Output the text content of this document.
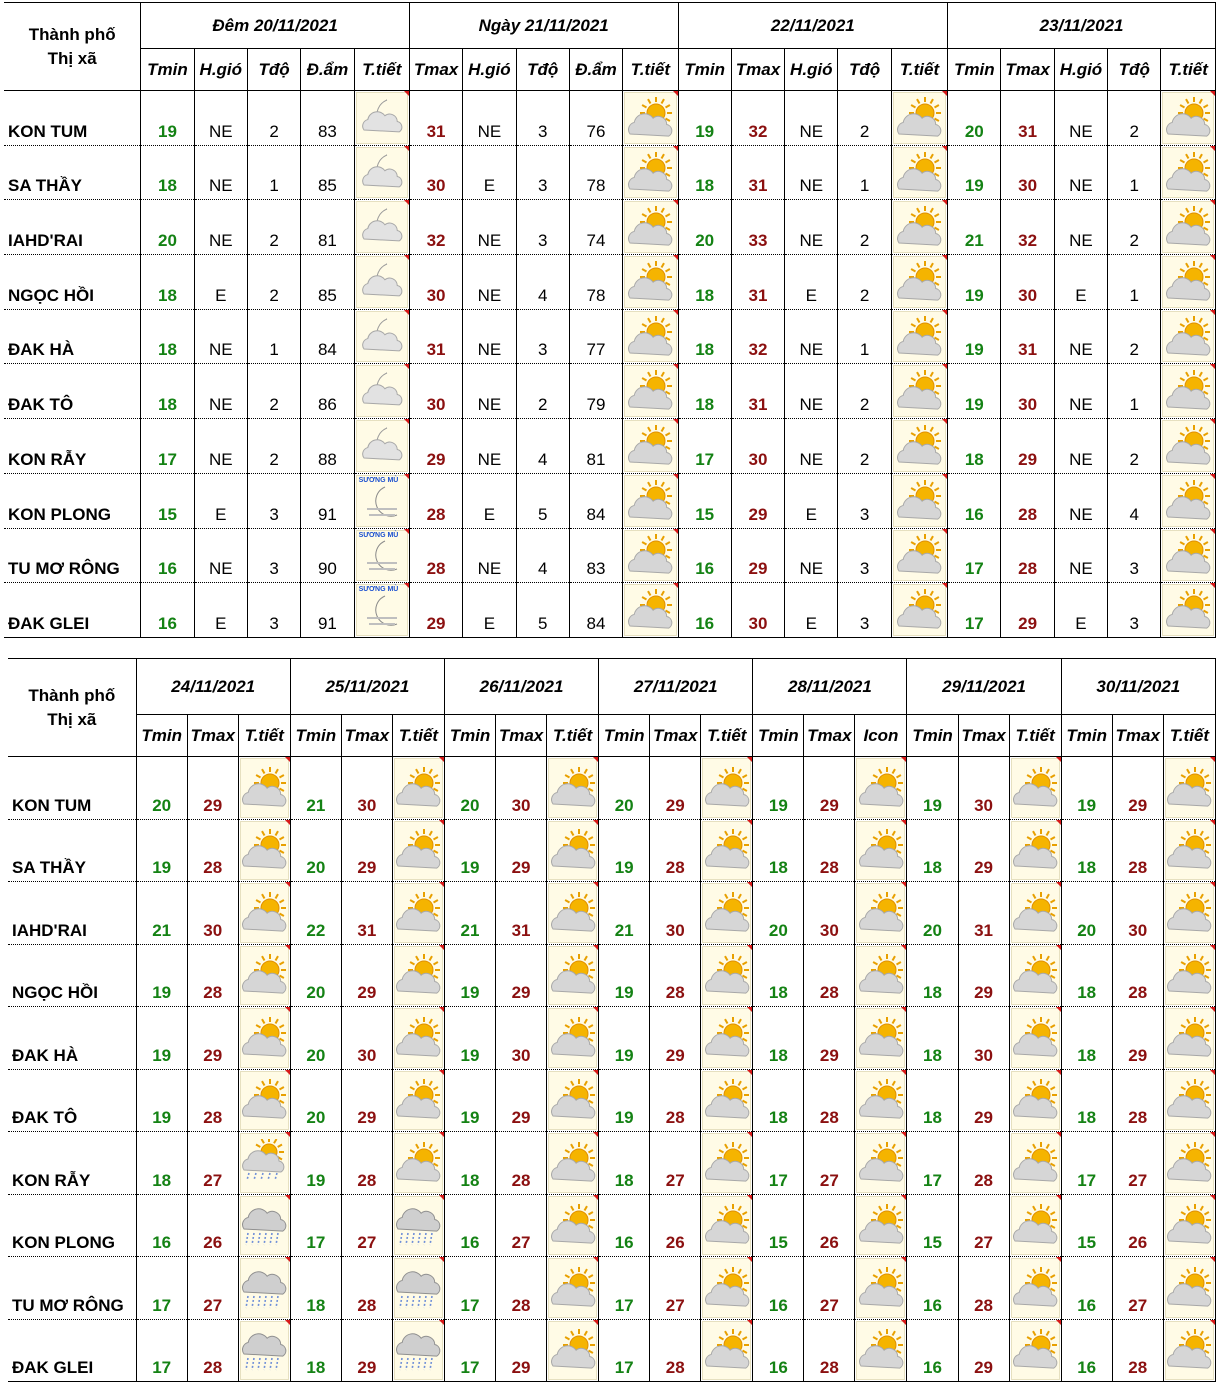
Thành phố
Thị xã	Đêm 20/11/2021					Ngày 21/11/2021					22/11/2021					23/11/2021				
	Tmin	H.gió	Tđộ	Đ.ẩm	T.tiết	Tmax	H.gió	Tđộ	Đ.ẩm	T.tiết	Tmin	Tmax	H.gió	Tđộ	T.tiết	Tmin	Tmax	H.gió	Tđộ	T.tiết
KON TUM	19	NE	2	83		31	NE	3	76		19	32	NE	2		20	31	NE	2	

SA THẦY	18	NE	1	85		30	E	3	78		18	31	NE	1		19	30	NE	1	

IAHD'RAI	20	NE	2	81		32	NE	3	74		20	33	NE	2		21	32	NE	2	

NGỌC HỒI	18	E	2	85		30	NE	4	78		18	31	E	2		19	30	E	1	

ĐAK HÀ	18	NE	1	84		31	NE	3	77		18	32	NE	1		19	31	NE	2	

ĐAK TÔ	18	NE	2	86		30	NE	2	79		18	31	NE	2		19	30	NE	1	

KON RẪY	17	NE	2	88		29	NE	4	81		17	30	NE	2		18	29	NE	2	

KON PLONG	15	E	3	91	SƯƠNG MÙ	28	E	5	84		15	29	E	3		16	28	NE	4	

TU MƠ RÔNG	16	NE	3	90	SƯƠNG MÙ	28	NE	4	83		16	29	NE	3		17	28	NE	3	

ĐAK GLEI	16	E	3	91	SƯƠNG MÙ	29	E	5	84		16	30	E	3		17	29	E	3	
Thành phố
Thị xã	24/11/2021			25/11/2021			26/11/2021			27/11/2021			28/11/2021			29/11/2021			30/11/2021		
	Tmin	Tmax	T.tiết	Tmin	Tmax	T.tiết	Tmin	Tmax	T.tiết	Tmin	Tmax	T.tiết	Tmin	Tmax	Icon	Tmin	Tmax	T.tiết	Tmin	Tmax	T.tiết
KON TUM	20	29		21	30		20	30		20	29		19	29		19	30		19	29	

SA THẦY	19	28		20	29		19	29		19	28		18	28		18	29		18	28	

IAHD'RAI	21	30		22	31		21	31		21	30		20	30		20	31		20	30	

NGỌC HỒI	19	28		20	29		19	29		19	28		18	28		18	29		18	28	

ĐAK HÀ	19	29		20	30		19	30		19	29		18	29		18	30		18	29	

ĐAK TÔ	19	28		20	29		19	29		19	28		18	28		18	29		18	28	

KON RẪY	18	27		19	28		18	28		18	27		17	27		17	28		17	27	

KON PLONG	16	26		17	27		16	27		16	26		15	26		15	27		15	26	

TU MƠ RÔNG	17	27		18	28		17	28		17	27		16	27		16	28		16	27	

ĐAK GLEI	17	28		18	29		17	29		17	28		16	28		16	29		16	28	
